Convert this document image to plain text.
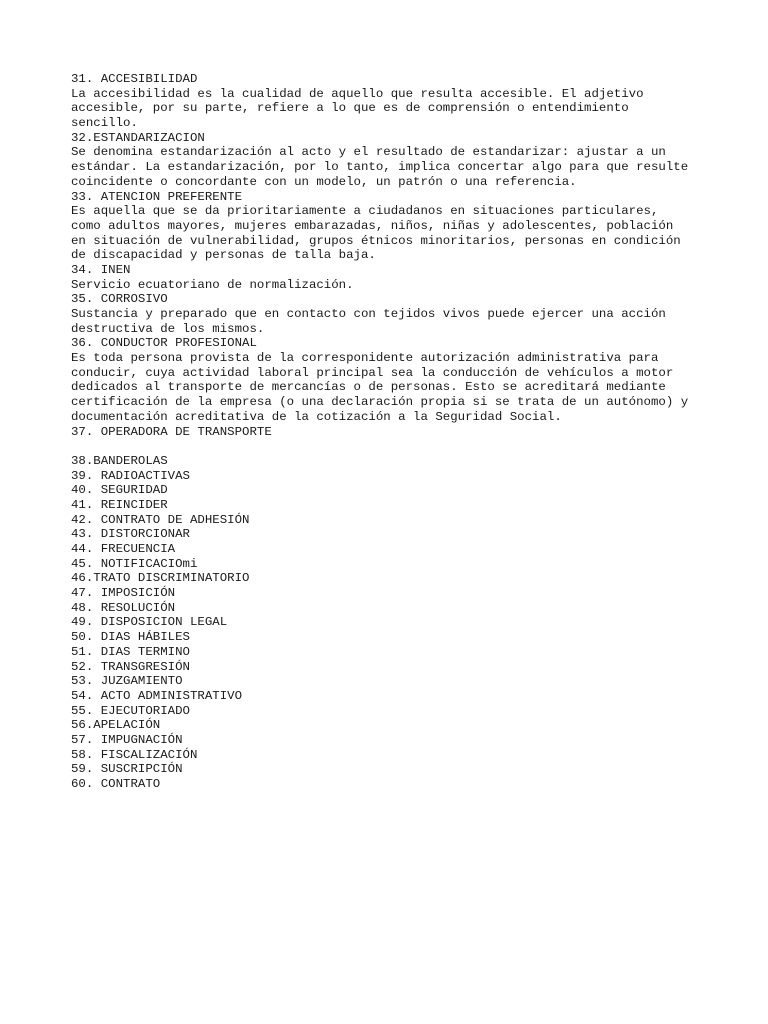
31. ACCESIBILIDAD
La accesibilidad es la cualidad de aquello que resulta accesible. El adjetivo
accesible, por su parte, refiere a lo que es de comprensión o entendimiento
sencillo.
32.ESTANDARIZACION
Se denomina estandarización al acto y el resultado de estandarizar: ajustar a un
estándar. La estandarización, por lo tanto, implica concertar algo para que resulte
coincidente o concordante con un modelo, un patrón o una referencia.
33. ATENCION PREFERENTE
Es aquella que se da prioritariamente a ciudadanos en situaciones particulares,
como adultos mayores, mujeres embarazadas, niños, niñas y adolescentes, población
en situación de vulnerabilidad, grupos étnicos minoritarios, personas en condición
de discapacidad y personas de talla baja.
34. INEN
Servicio ecuatoriano de normalización.
35. CORROSIVO
Sustancia y preparado que en contacto con tejidos vivos puede ejercer una acción
destructiva de los mismos.
36. CONDUCTOR PROFESIONAL
Es toda persona provista de la corresponidente autorización administrativa para
conducir, cuya actividad laboral principal sea la conducción de vehículos a motor
dedicados al transporte de mercancías o de personas. Esto se acreditará mediante
certificación de la empresa (o una declaración propia si se trata de un autónomo) y
documentación acreditativa de la cotización a la Seguridad Social.
37. OPERADORA DE TRANSPORTE
38.BANDEROLAS
39. RADIOACTIVAS
40. SEGURIDAD
41. REINCIDER
42. CONTRATO DE ADHESIÓN
43. DISTORCIONAR
44. FRECUENCIA
45. NOTIFICACIOmi
46.TRATO DISCRIMINATORIO
47. IMPOSICIÓN
48. RESOLUCIÓN
49. DISPOSICION LEGAL
50. DIAS HÁBILES
51. DIAS TERMINO
52. TRANSGRESIÓN
53. JUZGAMIENTO
54. ACTO ADMINISTRATIVO
55. EJECUTORIADO
56.APELACIÓN
57. IMPUGNACIÓN
58. FISCALIZACIÓN
59. SUSCRIPCIÓN
60. CONTRATO
